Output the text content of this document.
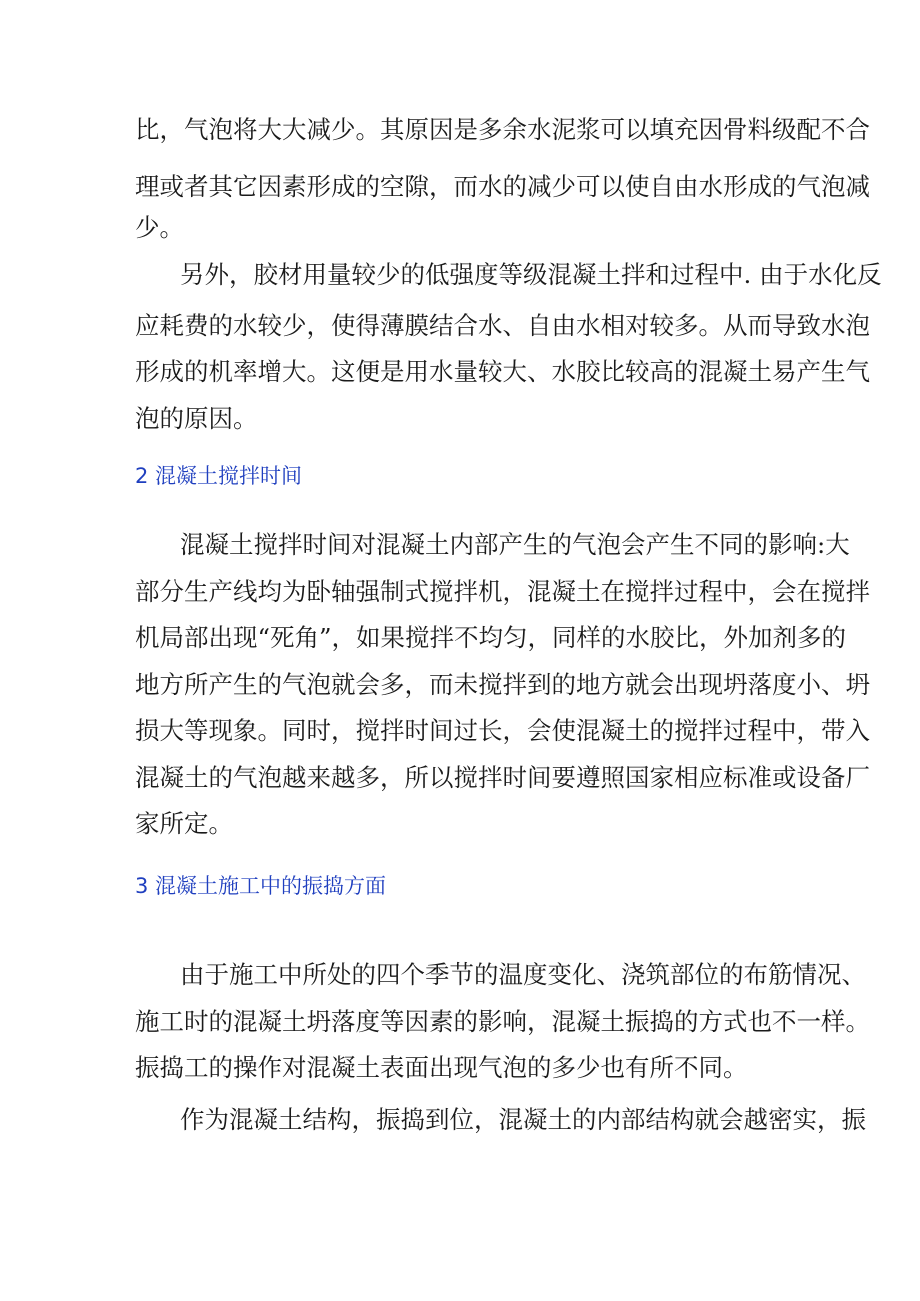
比，气泡将大大减少。其原因是多余水泥浆可以填充因骨料级配不合
理或者其它因素形成的空隙，而水的减少可以使自由水形成的气泡减
少。
另外，胶材用量较少的低强度等级混凝土拌和过程中. 由于水化反
应耗费的水较少，使得薄膜结合水、自由水相对较多。从而导致水泡
形成的机率增大。这便是用水量较大、水胶比较高的混凝土易产生气
泡的原因。
2 混凝土搅拌时间
混凝土搅拌时间对混凝土内部产生的气泡会产生不同的影响:大
部分生产线均为卧轴强制式搅拌机，混凝土在搅拌过程中，会在搅拌
机局部出现“死角”，如果搅拌不均匀，同样的水胶比，外加剂多的
地方所产生的气泡就会多，而未搅拌到的地方就会出现坍落度小、坍
损大等现象。同时，搅拌时间过长，会使混凝土的搅拌过程中，带入
混凝土的气泡越来越多，所以搅拌时间要遵照国家相应标准或设备厂
家所定。
3 混凝土施工中的振捣方面
由于施工中所处的四个季节的温度变化、浇筑部位的布筋情况、
施工时的混凝土坍落度等因素的影响，混凝土振捣的方式也不一样。
振捣工的操作对混凝土表面出现气泡的多少也有所不同。
作为混凝土结构，振捣到位，混凝土的内部结构就会越密实，振
